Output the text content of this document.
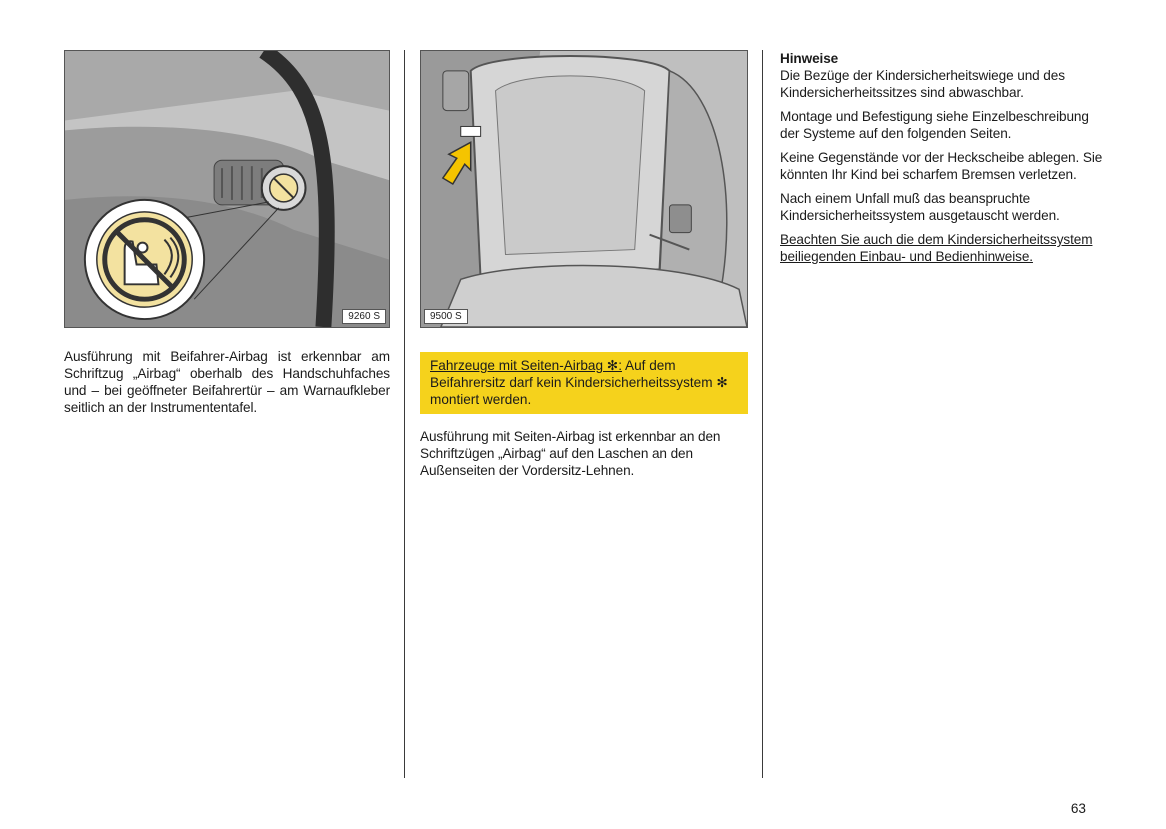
9260 S
Ausführung mit Beifahrer-Airbag ist erkennbar am Schriftzug „Airbag“ oberhalb des Handschuhfaches und – bei geöffneter Beifahrertür – am Warnaufkleber seitlich an der Instrumententafel.
9500 S
Fahrzeuge mit Seiten-Airbag ✻: Auf dem Beifahrersitz darf kein Kindersicherheitssystem ✻ montiert werden.
Ausführung mit Seiten-Airbag ist erkennbar an den Schriftzügen „Airbag“ auf den Laschen an den Außenseiten der Vordersitz-Lehnen.
Hinweise

Die Bezüge der Kindersicherheitswiege und des Kindersicherheitssitzes sind abwaschbar.

Montage und Befestigung siehe Einzelbeschreibung der Systeme auf den folgenden Seiten.

Keine Gegenstände vor der Heckscheibe ablegen. Sie könnten Ihr Kind bei scharfem Bremsen verletzen.

Nach einem Unfall muß das beanspruchte Kindersicherheitssystem ausgetauscht werden.

Beachten Sie auch die dem Kindersicherheitssystem beiliegenden Einbau- und Bedienhinweise.

63
